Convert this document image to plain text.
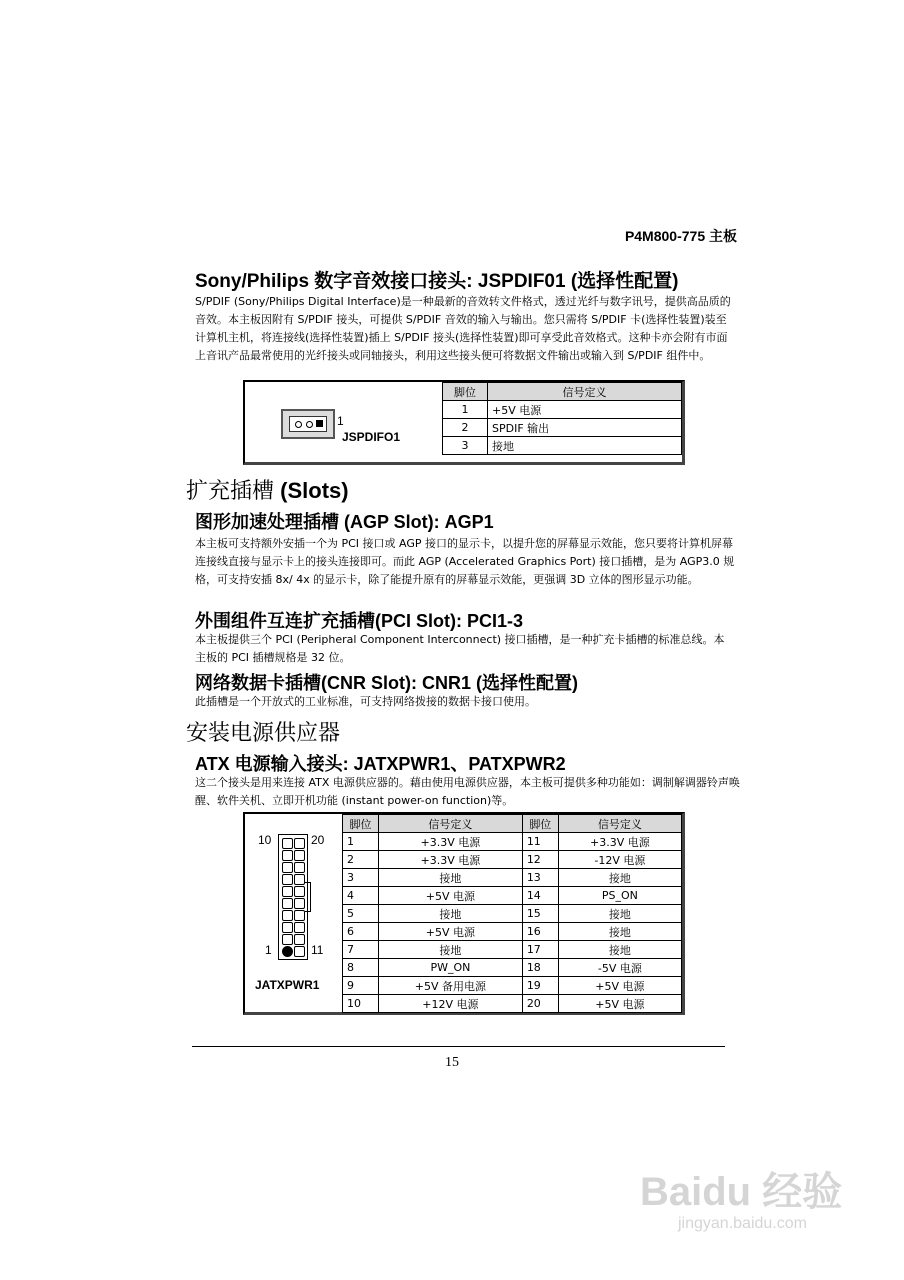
P4M800-775 主板
Sony/Philips 数字音效接口接头: JSPDIF01 (选择性配置)
S/PDIF (Sony/Philips Digital Interface)是一种最新的音效转文件格式，透过光纤与数字讯号，提供高品质的音效。本主板因附有 S/PDIF 接头，可提供 S/PDIF 音效的输入与输出。您只需将 S/PDIF 卡(选择性装置)装至计算机主机，将连接线(选择性装置)插上 S/PDIF 接头(选择性装置)即可享受此音效格式。这种卡亦会附有市面上音讯产品最常使用的光纤接头或同轴接头，利用这些接头便可将数据文件输出或输入到 S/PDIF 组件中。
1
JSPDIFO1
脚位	信号定义
1	+5V 电源
2	SPDIF 输出
3	接地
扩充插槽 (Slots)
图形加速处理插槽 (AGP Slot): AGP1
本主板可支持额外安插一个为 PCI 接口或 AGP 接口的显示卡，以提升您的屏幕显示效能，您只要将计算机屏幕连接线直接与显示卡上的接头连接即可。而此 AGP (Accelerated Graphics Port) 接口插槽，是为 AGP3.0 规格，可支持安插 8x/ 4x 的显示卡，除了能提升原有的屏幕显示效能，更强调 3D 立体的图形显示功能。
外围组件互连扩充插槽(PCI Slot): PCI1-3
本主板提供三个 PCI (Peripheral Component Interconnect) 接口插槽，是一种扩充卡插槽的标准总线。本主板的 PCI 插槽规格是 32 位。
网络数据卡插槽(CNR Slot): CNR1 (选择性配置)
此插槽是一个开放式的工业标准，可支持网络拨接的数据卡接口使用。
安装电源供应器
ATX 电源输入接头: JATXPWR1、PATXPWR2
这二个接头是用来连接 ATX 电源供应器的。藉由使用电源供应器，本主板可提供多种功能如：调制解调器铃声唤醒、软件关机、立即开机功能 (instant power-on function)等。
10	20
1	11
JATXPWR1
脚位	信号定义	脚位	信号定义
1	+3.3V 电源	11	+3.3V 电源
2	+3.3V 电源	12	-12V 电源
3	接地	13	接地
4	+5V 电源	14	PS_ON
5	接地	15	接地
6	+5V 电源	16	接地
7	接地	17	接地
8	PW_ON	18	-5V 电源
9	+5V 备用电源	19	+5V 电源
10	+12V 电源	20	+5V 电源
15
Baidu 经验
jingyan.baidu.com
